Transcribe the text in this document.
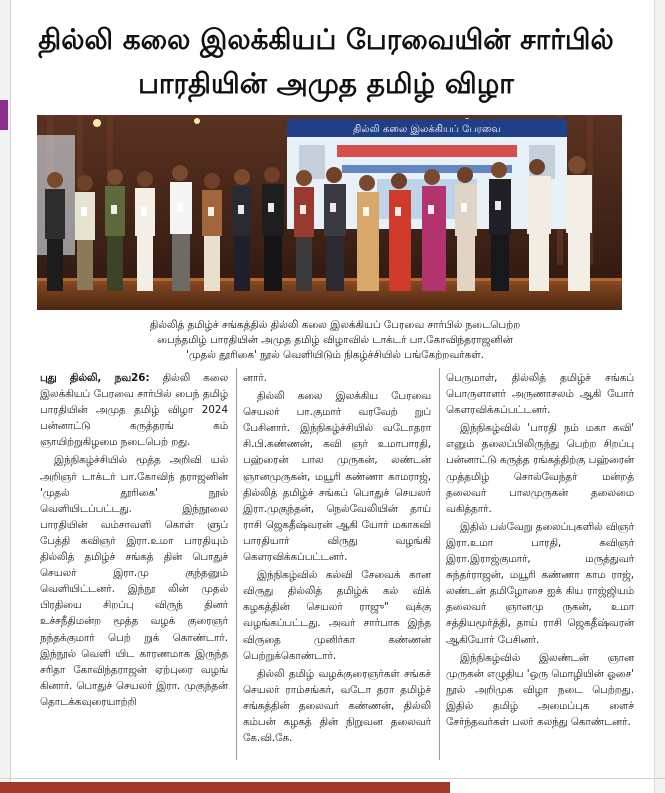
தில்லி கலை இலக்கியப் பேரவையின் சார்பில்
பாரதியின் அமுத தமிழ் விழா
தில்லி கலை இலக்கியப் பேரவை
தில்லித் தமிழ்ச் சங்கத்தில் தில்லி கலை இலக்கியப் பேரவை சார்பில் நடைபெற்ற
பைந்தமிழ் பாரதியின் அமுத தமிழ் விழாவில் டாக்டர் பா.கோவிந்தராஜனின்
'முதல் தூரிகை' நூல் வெளியிடும் நிகழ்ச்சியில் பங்கேற்றவர்கள்.

புது தில்லி, நவ26: தில்லி கலை இலக்கியப் பேரவை சார்பில் பைந் தமிழ் பாரதியின் அமுத தமிழ் விழா 2024 பன்னாட்டு கருத்தரங் கம் ஞாயிற்றுகிழமை நடைபெற் றது.

இந்நிகழ்ச்சியில் மூத்த அறிவி யல் அறிஞர் டாக்டர் பா.கோவிந் தராஜனின் 'முதல் தூரிகை' நூல் வெளியிடப்பட்டது. இந்நூலை பாரதியின் வம்சாவளி கொள் ளுப் பேத்தி கவிஞர் இரா.உமா பாரதியும் தில்லித் தமிழ்ச் சங்கத் தின் பொதுச் செயலர் இரா.மு குந்தனும் வெளியிட்டனர். இந்நூ லின் முதல் பிரதியை சிறப்பு விருந் தினர் உச்சநீதிமன்ற மூத்த வழக் குரைஞர் நந்தக்குமார் பெற் றுக் கொண்டார். இந்நூல் வெளி யிட காரணமாக இருந்த சரிதா கோவிந்தராஜன் ஏற்புரை வழங் கினார். பொதுச் செயலர் இரா. முகுந்தன் தொடக்கவுரையாற்றி

னார்.

தில்லி கலை இலக்கிய பேரவை செயலர் பா.குமார் வரவேற் றுப் பேசினார். இந்நிகழ்ச்சியில் வடோதரா சி.பி.கண்ணன், கவி ஞர் உமாபாரதி, பஹ்ரைன் பால முருகன், லண்டன் ஞானமுருகன், மயூரி கண்ணா காமராஜ், தில்லித் தமிழ்ச் சங்கப் பொதுச் செயலர் இரா.முகுந்தன், நெல்வேலியின் தாய் ராசி ஜெகதீஷ்வரன் ஆகி யோர் மகாகவி பாரதியார் விருது வழங்கி கௌரவிக்கப்பட்டனர்.

இந்நிகழ்வில் கல்வி சேவைக் கான விருது தில்லித் தமிழ்க் கல் விக் கழகத்தின் செயலர் ராஜு" வுக்கு வழங்கப்பட்டது. அவர் சார்பாக இந்த விருதை முனிர்கா கண்ணன் பெற்றுக்கொண்டார்.

தில்லி தமிழ் வழக்குரைஞர்கள் சங்கச் செயலர் ராம்சங்கர், வடோ தரா தமிழ்ச் சங்கத்தின் தலைவர் கண்ணன், தில்லி கம்பன் கழகத் தின் நிறுவன தலைவர் கே.வி.கே.

பெருமாள், தில்லித் தமிழ்ச் சங்கப் பொருளாளர் அருணாசலம் ஆகி யோர் கௌரவிக்கப்பட்டனர்.

இந்நிகழ்வில் 'பாரதி நம் மகா கவி' எனும் தலைப்பிலிருந்து பெற்ற சிறப்பு பன்னாட்டு கருத்த ரங்கத்திற்கு பஹ்ரைன் முத்தமிழ் சொல்வேந்தர் மன்றத் தலைவர் பாலமுருகன் தலைமை வகித்தார்.

இதில் பல்வேறு தலைப்புகளில் விஞர் இரா.உமா பாரதி, கவிஞர் இரா.இராஜ்குமார், மருத்துவர் சுந்தர்ராஜன், மயூரி கண்ணா காம ராஜ், லண்டன் தமிழோசை ஐக் கிய ராஜ்ஜியம் தலைவர் ஞானமு ருகன், உமா சத்தியமூர்த்தி, தாய் ராசி ஜெகதீஷ்வரன் ஆகியோர் பேசினர்.

இந்நிகழ்வில் இலண்டன் ஞான முருகன் எழுதிய 'ஒரு மொழியின் ஓசை' நூல் அறிமுக விழா நடை பெற்றது. இதில் தமிழ் அமைப்புக ளைச் சேர்ந்தவர்கள் பலர் கலந்து கொண்டனர்.
